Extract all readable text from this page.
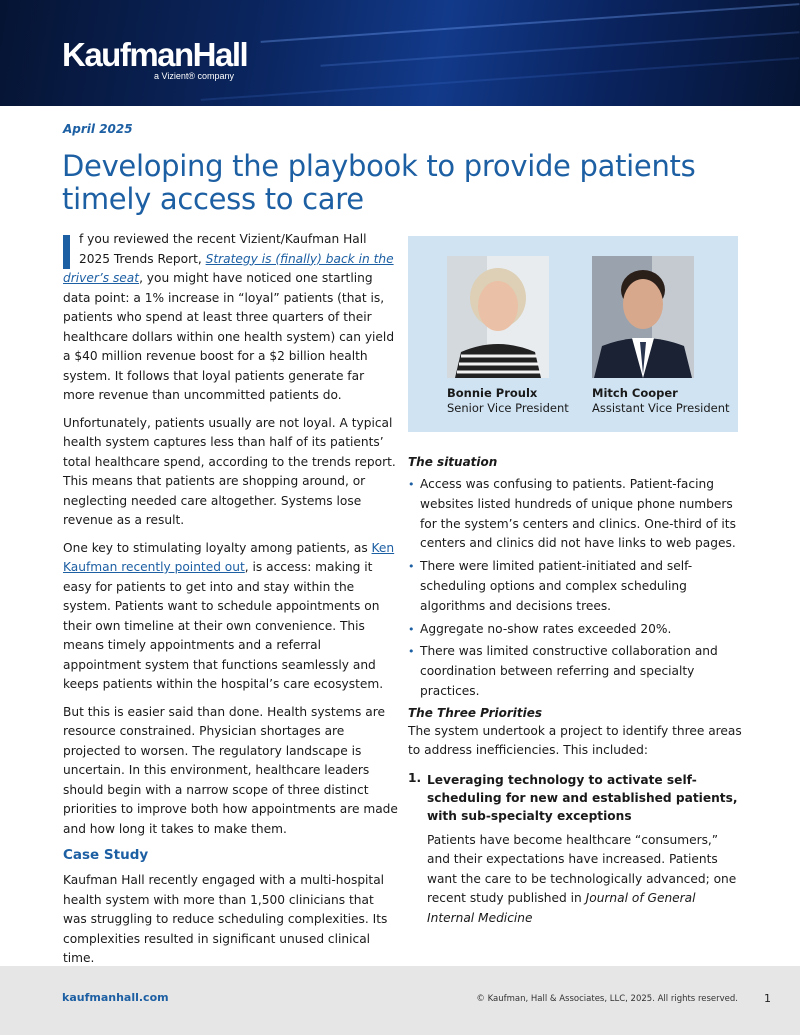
KaufmanHall
a Vizient® company
April 2025
Developing the playbook to provide patients timely access to care

f you reviewed the recent Vizient/Kaufman Hall 2025 Trends Report, Strategy is (finally) back in the driver’s seat, you might have noticed one startling data point: a 1% increase in “loyal” patients (that is, patients who spend at least three quarters of their healthcare dollars within one health system) can yield a $40 million revenue boost for a $2 billion health system. It follows that loyal patients generate far more revenue than uncommitted patients do.

Unfortunately, patients usually are not loyal. A typical health system captures less than half of its patients’ total healthcare spend, according to the trends report. This means that patients are shopping around, or neglecting needed care altogether. Systems lose revenue as a result.

One key to stimulating loyalty among patients, as Ken Kaufman recently pointed out, is access: making it easy for patients to get into and stay within the system. Patients want to schedule appointments on their own timeline at their own convenience. This means timely appointments and a referral appointment system that functions seamlessly and keeps patients within the hospital’s care ecosystem.

But this is easier said than done. Health systems are resource constrained. Physician shortages are projected to worsen. The regulatory landscape is uncertain. In this environment, healthcare leaders should begin with a narrow scope of three distinct priorities to improve both how appointments are made and how long it takes to make them.

Case Study

Kaufman Hall recently engaged with a multi-hospital health system with more than 1,500 clinicians that was struggling to reduce scheduling complexities. Its complexities resulted in significant unused clinical time.

Bonnie Proulx
Senior Vice President
Mitch Cooper
Assistant Vice President
The situation
• Access was confusing to patients. Patient-facing websites listed hundreds of unique phone numbers for the system’s centers and clinics. One-third of its centers and clinics did not have links to web pages.
• There were limited patient-initiated and self-scheduling options and complex scheduling algorithms and decisions trees.
• Aggregate no-show rates exceeded 20%.
• There was limited constructive collaboration and coordination between referring and specialty practices.
The Three Priorities

The system undertook a project to identify three areas to address inefficiencies. This included:

1. Leveraging technology to activate self-scheduling for new and established patients, with sub-specialty exceptions

Patients have become healthcare “consumers,” and their expectations have increased. Patients want the care to be technologically advanced; one recent study published in Journal of General Internal Medicine

kaufmanhall.com	© Kaufman, Hall & Associates, LLC, 2025. All rights reserved. 1
